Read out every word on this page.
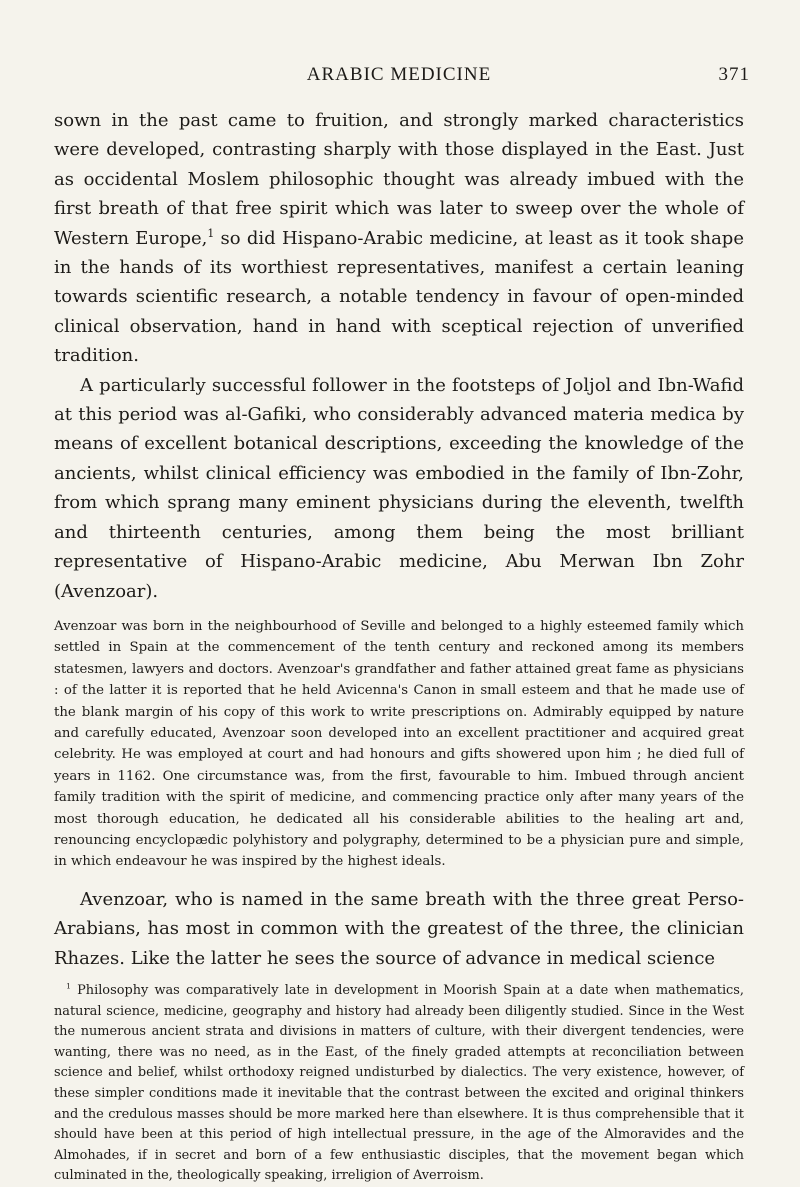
ARABIC MEDICINE	371

sown in the past came to fruition, and strongly marked characteristics were developed, contrasting sharply with those displayed in the East. Just as occidental Moslem philosophic thought was already imbued with the first breath of that free spirit which was later to sweep over the whole of Western Europe,$^1$ so did Hispano-Arabic medicine, at least as it took shape in the hands of its worthiest representatives, manifest a certain leaning towards scientific research, a notable tendency in favour of open-minded clinical observation, hand in hand with sceptical rejection of unverified tradition.

A particularly successful follower in the footsteps of Joljol and Ibn-Wafid at this period was al-Gafiki, who considerably advanced materia medica by means of excellent botanical descriptions, exceeding the knowledge of the ancients, whilst clinical efficiency was embodied in the family of Ibn-Zohr, from which sprang many eminent physicians during the eleventh, twelfth and thirteenth centuries, among them being the most brilliant representative of Hispano-Arabic medicine, Abu Merwan Ibn Zohr (Avenzoar).

Avenzoar was born in the neighbourhood of Seville and belonged to a highly esteemed family which settled in Spain at the commencement of the tenth century and reckoned among its members statesmen, lawyers and doctors. Avenzoar's grandfather and father attained great fame as physicians : of the latter it is reported that he held Avicenna's Canon in small esteem and that he made use of the blank margin of his copy of this work to write prescriptions on. Admirably equipped by nature and carefully educated, Avenzoar soon developed into an excellent practitioner and acquired great celebrity. He was employed at court and had honours and gifts showered upon him ; he died full of years in 1162. One circumstance was, from the first, favourable to him. Imbued through ancient family tradition with the spirit of medicine, and commencing practice only after many years of the most thorough education, he dedicated all his considerable abilities to the healing art and, renouncing encyclopædic polyhistory and polygraphy, determined to be a physician pure and simple, in which endeavour he was inspired by the highest ideals.

Avenzoar, who is named in the same breath with the three great Perso-Arabians, has most in common with the greatest of the three, the clinician Rhazes. Like the latter he sees the source of advance in medical science

$^1$ Philosophy was comparatively late in development in Moorish Spain at a date when mathematics, natural science, medicine, geography and history had already been diligently studied. Since in the West the numerous ancient strata and divisions in matters of culture, with their divergent tendencies, were wanting, there was no need, as in the East, of the finely graded attempts at reconciliation between science and belief, whilst orthodoxy reigned undisturbed by dialectics. The very existence, however, of these simpler conditions made it inevitable that the contrast between the excited and original thinkers and the credulous masses should be more marked here than elsewhere. It is thus comprehensible that it should have been at this period of high intellectual pressure, in the age of the Almoravides and the Almohades, if in secret and born of a few enthusiastic disciples, that the movement began which culminated in the, theologically speaking, irreligion of Averroism.
